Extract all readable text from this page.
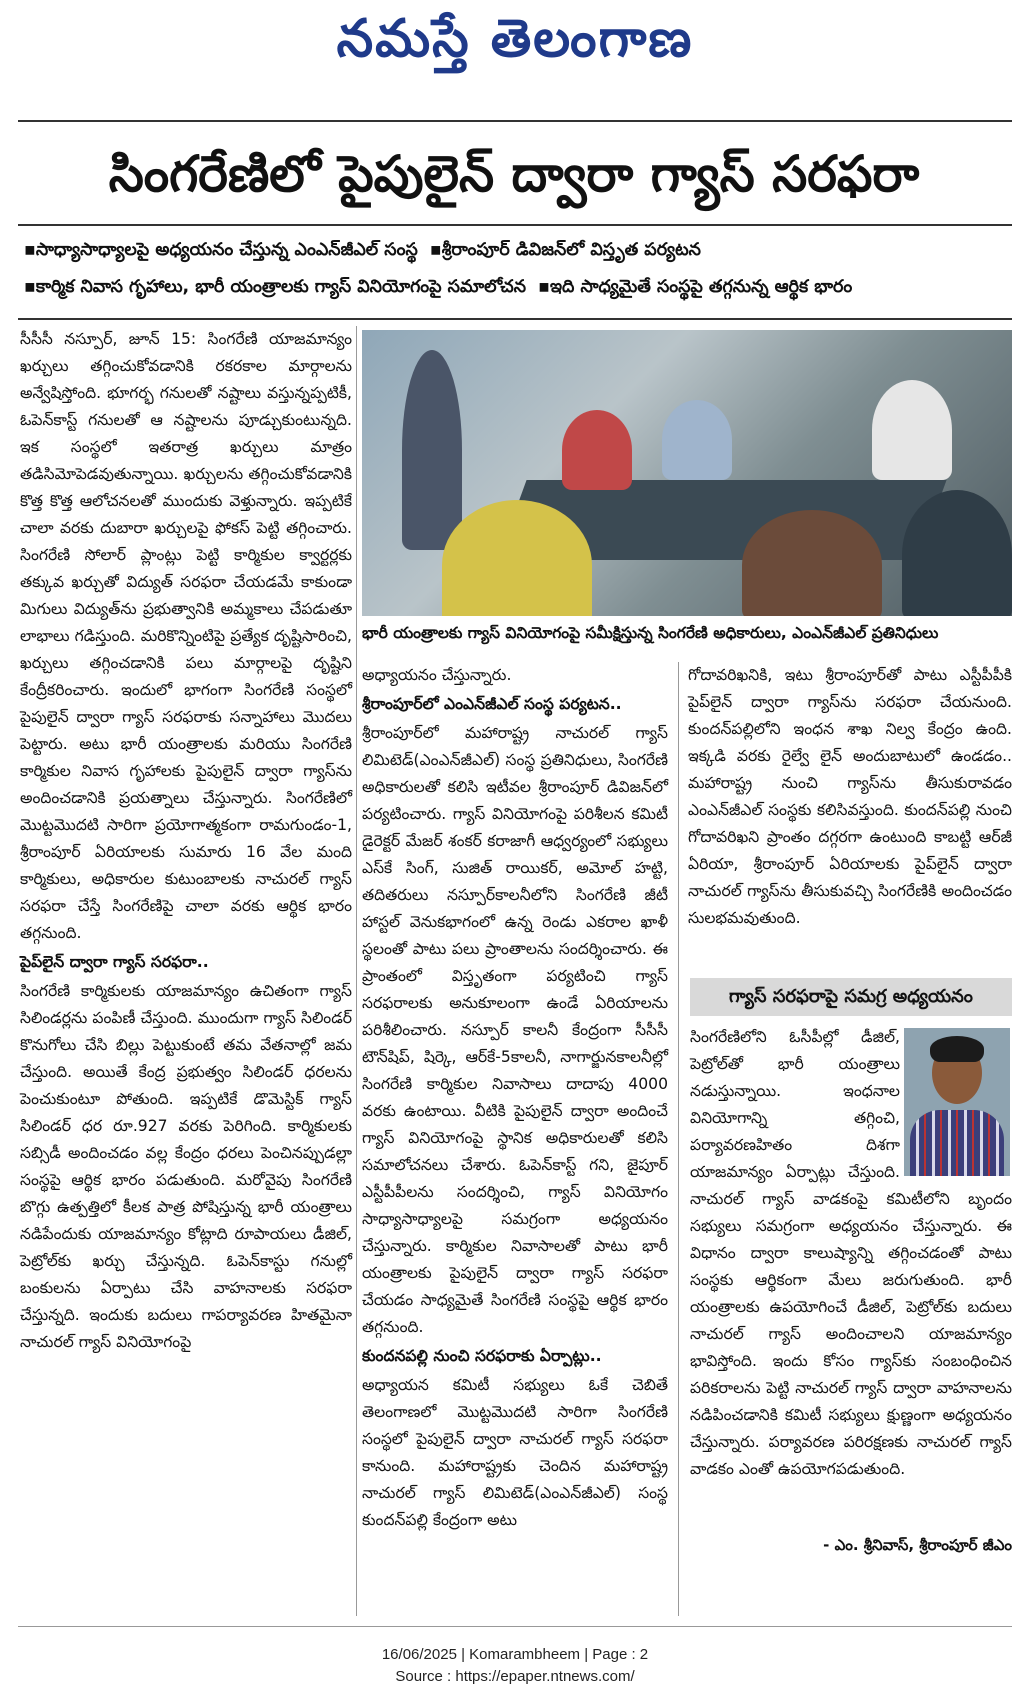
నమస్తే తెలంగాణ
సింగరేణిలో పైపులైన్ ద్వారా గ్యాస్ సరఫరా
▪సాధ్యాసాధ్యాలపై అధ్యయనం చేస్తున్న ఎంఎన్‌జీఎల్ సంస్థ ▪శ్రీరాంపూర్ డివిజన్‌లో విస్తృత పర్యటన
▪కార్మిక నివాస గృహాలు, భారీ యంత్రాలకు గ్యాస్ వినియోగంపై సమాలోచన ▪ఇది సాధ్యమైతే సంస్థపై తగ్గనున్న ఆర్థిక భారం

సీసీసీ నస్పూర్, జూన్ 15: సింగరేణి యాజమాన్యం ఖర్చులు తగ్గించుకోవడానికి రకరకాల మార్గాలను అన్వేషిస్తోంది. భూగర్భ గనులతో నష్టాలు వస్తున్నప్పటికీ, ఓపెన్‌కాస్ట్ గనులతో ఆ నష్టాలను పూడ్చుకుంటున్నది. ఇక సంస్థలో ఇతరాత్ర ఖర్చులు మాత్రం తడిసిమోపెడవుతున్నాయి. ఖర్చులను తగ్గించుకోవడానికి కొత్త కొత్త ఆలోచనలతో ముందుకు వెళ్తున్నారు. ఇప్పటికే చాలా వరకు దుబారా ఖర్చులపై ఫోకస్ పెట్టి తగ్గించారు. సింగరేణి సోలార్ ప్లాంట్లు పెట్టి కార్మికుల క్వార్టర్లకు తక్కువ ఖర్చుతో విద్యుత్ సరఫరా చేయడమే కాకుండా మిగులు విద్యుత్‌ను ప్రభుత్వానికి అమ్మకాలు చేపడుతూ లాభాలు గడిస్తుంది. మరికొన్నింటిపై ప్రత్యేక దృష్టిసారించి, ఖర్చులు తగ్గించడానికి పలు మార్గాలపై దృష్టిని కేంద్రీకరించారు. ఇందులో భాగంగా సింగరేణి సంస్థలో పైపులైన్ ద్వారా గ్యాస్ సరఫరాకు సన్నాహాలు మొదలు పెట్టారు. అటు భారీ యంత్రాలకు మరియు సింగరేణి కార్మికుల నివాస గృహాలకు పైపులైన్ ద్వారా గ్యాస్‌ను అందించడానికి ప్రయత్నాలు చేస్తున్నారు. సింగరేణిలో మొట్టమొదటి సారిగా ప్రయోగాత్మకంగా రామగుండం-1, శ్రీరాంపూర్ ఏరియాలకు సుమారు 16 వేల మంది కార్మికులు, అధికారుల కుటుంబాలకు నాచురల్ గ్యాస్ సరఫరా చేస్తే సింగరేణిపై చాలా వరకు ఆర్థిక భారం తగ్గనుంది.

పైప్‌లైన్ ద్వారా గ్యాస్ సరఫరా..

సింగరేణి కార్మికులకు యాజమాన్యం ఉచితంగా గ్యాస్ సిలిండర్లను పంపిణీ చేస్తుంది. ముందుగా గ్యాస్ సిలిండర్ కొనుగోలు చేసి బిల్లు పెట్టుకుంటే తమ వేతనాల్లో జమ చేస్తుంది. అయితే కేంద్ర ప్రభుత్వం సిలిండర్ ధరలను పెంచుకుంటూ పోతుంది. ఇప్పటికే డొమెస్టిక్ గ్యాస్ సిలిండర్ ధర రూ.927 వరకు పెరిగింది. కార్మికులకు సబ్సిడీ అందించడం వల్ల కేంద్రం ధరలు పెంచినప్పుడల్లా సంస్థపై ఆర్థిక భారం పడుతుంది. మరోవైపు సింగరేణి బొగ్గు ఉత్పత్తిలో కీలక పాత్ర పోషిస్తున్న భారీ యంత్రాలు నడిపేందుకు యాజమాన్యం కోట్లాది రూపాయలు డీజిల్, పెట్రోల్‌కు ఖర్చు చేస్తున్నది. ఓపెన్‌కాస్టు గనుల్లో బంకులను ఏర్పాటు చేసి వాహనాలకు సరఫరా చేస్తున్నది. ఇందుకు బదులు గాపర్యావరణ హితమైనా నాచురల్ గ్యాస్ వినియోగంపై

భారీ యంత్రాలకు గ్యాస్ వినియోగంపై సమీక్షిస్తున్న సింగరేణి అధికారులు, ఎంఎన్‌జీఎల్ ప్రతినిధులు

అధ్యాయనం చేస్తున్నారు.

శ్రీరాంపూర్‌లో ఎంఎన్‌జీఎల్ సంస్థ పర్యటన..

శ్రీరాంపూర్‌లో మహారాష్ట్ర నాచురల్ గ్యాస్ లిమిటెడ్(ఎంఎన్‌జీఎల్) సంస్థ ప్రతినిధులు, సింగరేణి అధికారులతో కలిసి ఇటీవల శ్రీరాంపూర్ డివిజన్‌లో పర్యటించారు. గ్యాస్ వినియోగంపై పరిశీలన కమిటీ డైరెక్టర్ మేజర్ శంకర్ కరాజాగీ ఆధ్వర్యంలో సభ్యులు ఎస్‌కే సింగ్, సుజిత్ రాయికర్, అమోల్ హట్టి, తదితరులు నస్పూర్‌కాలనీలోని సింగరేణి జీటీ హాస్టల్ వెనుకభాగంలో ఉన్న రెండు ఎకరాల ఖాళీ స్థలంతో పాటు పలు ప్రాంతాలను సందర్శించారు. ఈ ప్రాంతంలో విస్తృతంగా పర్యటించి గ్యాస్ సరఫరాలకు అనుకూలంగా ఉండే ఏరియాలను పరిశీలించారు. నస్పూర్ కాలనీ కేంద్రంగా సీసీసీ టౌన్‌షిప్, షిర్కె, ఆర్‌కే-5కాలనీ, నాగార్జునకాలనీల్లో సింగరేణి కార్మికుల నివాసాలు దాదాపు 4000 వరకు ఉంటాయి. వీటికి పైపులైన్ ద్వారా అందించే గ్యాస్ వినియోగంపై స్థానిక అధికారులతో కలిసి సమాలోచనలు చేశారు. ఓపెన్‌కాస్ట్ గని, జైపూర్ ఎస్టీపీపీలను సందర్శించి, గ్యాస్ వినియోగం సాధ్యాసాధ్యాలపై సమగ్రంగా అధ్యయనం చేస్తున్నారు. కార్మికుల నివాసాలతో పాటు భారీ యంత్రాలకు పైపులైన్ ద్వారా గ్యాస్ సరఫరా చేయడం సాధ్యమైతే సింగరేణి సంస్థపై ఆర్థిక భారం తగ్గనుంది.

కుందనపల్లి నుంచి సరఫరాకు ఏర్పాట్లు..

అధ్యాయన కమిటీ సభ్యులు ఓకే చెబితే తెలంగాణలో మొట్టమొదటి సారిగా సింగరేణి సంస్థలో పైపులైన్ ద్వారా నాచురల్ గ్యాస్ సరఫరా కానుంది. మహారాష్ట్రకు చెందిన మహారాష్ట్ర నాచురల్ గ్యాస్ లిమిటెడ్(ఎంఎన్‌జీఎల్) సంస్థ కుందన్‌పల్లి కేంద్రంగా అటు

గోదావరిఖనికి, ఇటు శ్రీరాంపూర్‌తో పాటు ఎస్టీపీపీకి పైప్‌లైన్ ద్వారా గ్యాస్‌ను సరఫరా చేయనుంది. కుందన్‌పల్లిలోని ఇంధన శాఖ నిల్వ కేంద్రం ఉంది. ఇక్కడి వరకు రైల్వే లైన్ అందుబాటులో ఉండడం.. మహారాష్ట్ర నుంచి గ్యాస్‌ను తీసుకురావడం ఎంఎన్‌జీఎల్ సంస్థకు కలిసివస్తుంది. కుందన్‌పల్లి నుంచి గోదావరిఖని ప్రాంతం దగ్గరగా ఉంటుంది కాబట్టి ఆర్‌జీ ఏరియా, శ్రీరాంపూర్ ఏరియాలకు పైప్‌లైన్ ద్వారా నాచురల్ గ్యాస్‌ను తీసుకువచ్చి సింగరేణికి అందించడం సులభమవుతుంది.

గ్యాస్ సరఫరాపై సమగ్ర అధ్యయనం
సింగరేణిలోని ఓసీపీల్లో డీజిల్, పెట్రోల్‌తో భారీ యంత్రాలు నడుస్తున్నాయి. ఇంధనాల వినియోగాన్ని తగ్గించి, పర్యావరణహితం దిశగా యాజమాన్యం ఏర్పాట్లు చేస్తుంది. నాచురల్ గ్యాస్ వాడకంపై కమిటీలోని బృందం సభ్యులు సమగ్రంగా అధ్యయనం చేస్తున్నారు. ఈ విధానం ద్వారా కాలుష్యాన్ని తగ్గించడంతో పాటు సంస్థకు ఆర్థికంగా మేలు జరుగుతుంది. భారీ యంత్రాలకు ఉపయోగించే డీజిల్, పెట్రోల్‌కు బదులు నాచురల్ గ్యాస్ అందించాలని యాజమాన్యం భావిస్తోంది. ఇందు కోసం గ్యాస్‌కు సంబంధించిన పరికరాలను పెట్టి నాచురల్ గ్యాస్ ద్వారా వాహనాలను నడిపించడానికి కమిటీ సభ్యులు క్షుణ్ణంగా అధ్యయనం చేస్తున్నారు. పర్యావరణ పరిరక్షణకు నాచురల్ గ్యాస్ వాడకం ఎంతో ఉపయోగపడుతుంది.
- ఎం. శ్రీనివాస్, శ్రీరాంపూర్ జీఎం
16/06/2025 | Komarambheem | Page : 2
Source : https://epaper.ntnews.com/
